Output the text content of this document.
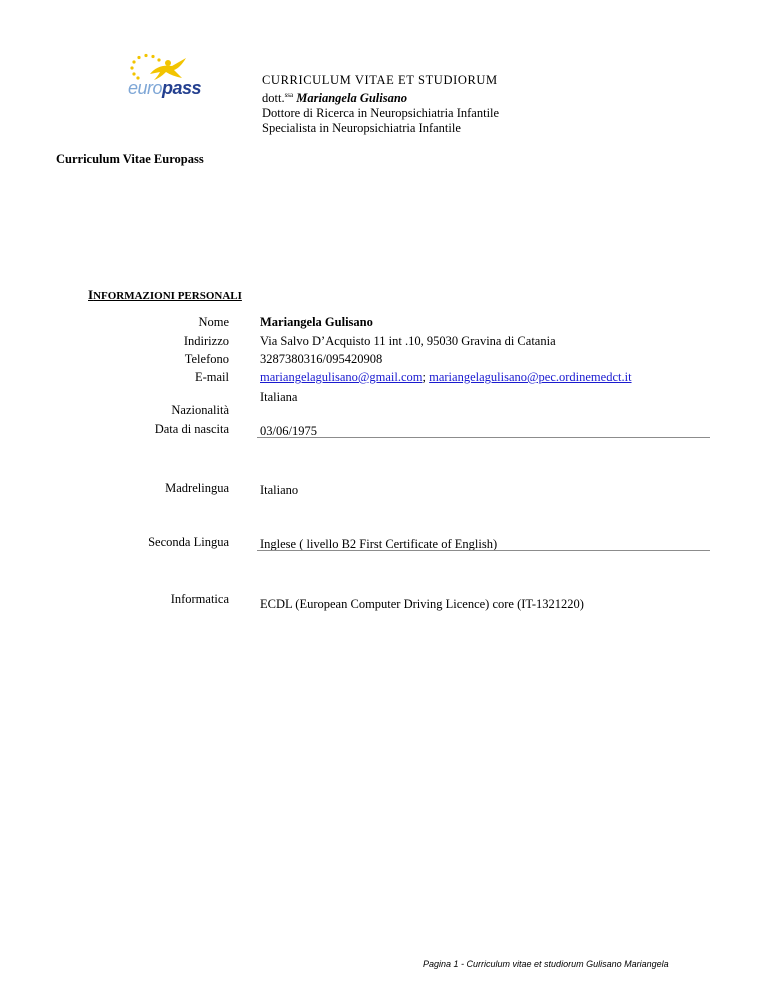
europass
Curriculum Vitae Europass
CURRICULUM VITAE ET STUDIORUM
dott.$^{ssa}$ Mariangela Gulisano
Dottore di Ricerca in Neuropsichiatria Infantile
Specialista in Neuropsichiatria Infantile
INFORMAZIONI PERSONALI
Nome Mariangela Gulisano
Indirizzo Via Salvo D’Acquisto 11 int .10, 95030 Gravina di Catania
Telefono 3287380316/095420908
E-mail mariangelagulisano@gmail.com; mariangelagulisano@pec.ordinemedct.it
Italiana
Nazionalità
Data di nascita 03/06/1975
Madrelingua Italiano
Seconda Lingua Inglese ( livello B2 First Certificate of English)
Informatica ECDL (European Computer Driving Licence) core (IT-1321220)
Pagina 1 - Curriculum vitae et studiorum Gulisano Mariangela
